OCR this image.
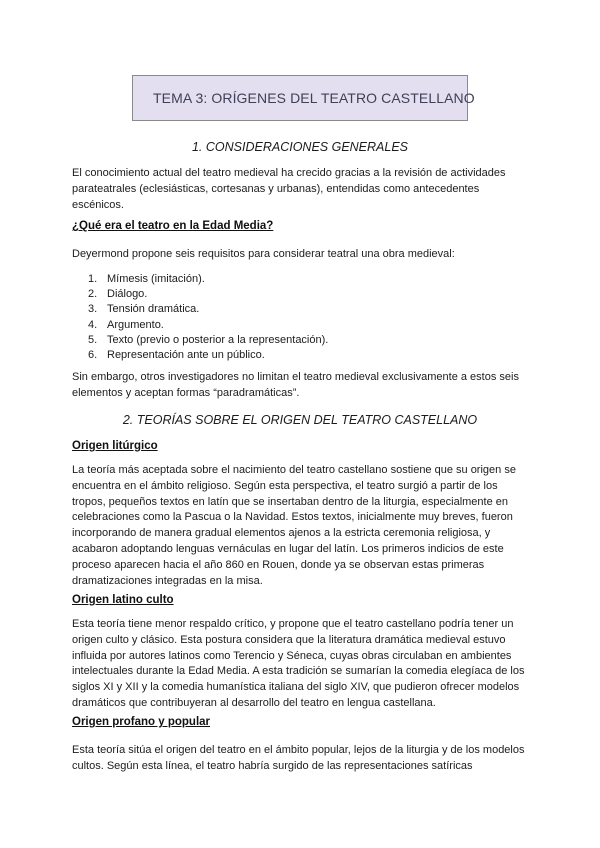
TEMA 3: ORÍGENES DEL TEATRO CASTELLANO
1. CONSIDERACIONES GENERALES
El conocimiento actual del teatro medieval ha crecido gracias a la revisión de actividades parateatrales (eclesiásticas, cortesanas y urbanas), entendidas como antecedentes escénicos.
¿Qué era el teatro en la Edad Media?
Deyermond propone seis requisitos para considerar teatral una obra medieval:
1. Mímesis (imitación).
2. Diálogo.
3. Tensión dramática.
4. Argumento.
5. Texto (previo o posterior a la representación).
6. Representación ante un público.
Sin embargo, otros investigadores no limitan el teatro medieval exclusivamente a estos seis elementos y aceptan formas “paradramáticas”.
2. TEORÍAS SOBRE EL ORIGEN DEL TEATRO CASTELLANO
Origen litúrgico
La teoría más aceptada sobre el nacimiento del teatro castellano sostiene que su origen se encuentra en el ámbito religioso. Según esta perspectiva, el teatro surgió a partir de los tropos, pequeños textos en latín que se insertaban dentro de la liturgia, especialmente en celebraciones como la Pascua o la Navidad. Estos textos, inicialmente muy breves, fueron incorporando de manera gradual elementos ajenos a la estricta ceremonia religiosa, y acabaron adoptando lenguas vernáculas en lugar del latín. Los primeros indicios de este proceso aparecen hacia el año 860 en Rouen, donde ya se observan estas primeras dramatizaciones integradas en la misa.
Origen latino culto
Esta teoría tiene menor respaldo crítico, y propone que el teatro castellano podría tener un origen culto y clásico. Esta postura considera que la literatura dramática medieval estuvo influida por autores latinos como Terencio y Séneca, cuyas obras circulaban en ambientes intelectuales durante la Edad Media. A esta tradición se sumarían la comedia elegíaca de los siglos XI y XII y la comedia humanística italiana del siglo XIV, que pudieron ofrecer modelos dramáticos que contribuyeran al desarrollo del teatro en lengua castellana.
Origen profano y popular
Esta teoría sitúa el origen del teatro en el ámbito popular, lejos de la liturgia y de los modelos cultos. Según esta línea, el teatro habría surgido de las representaciones satíricas
